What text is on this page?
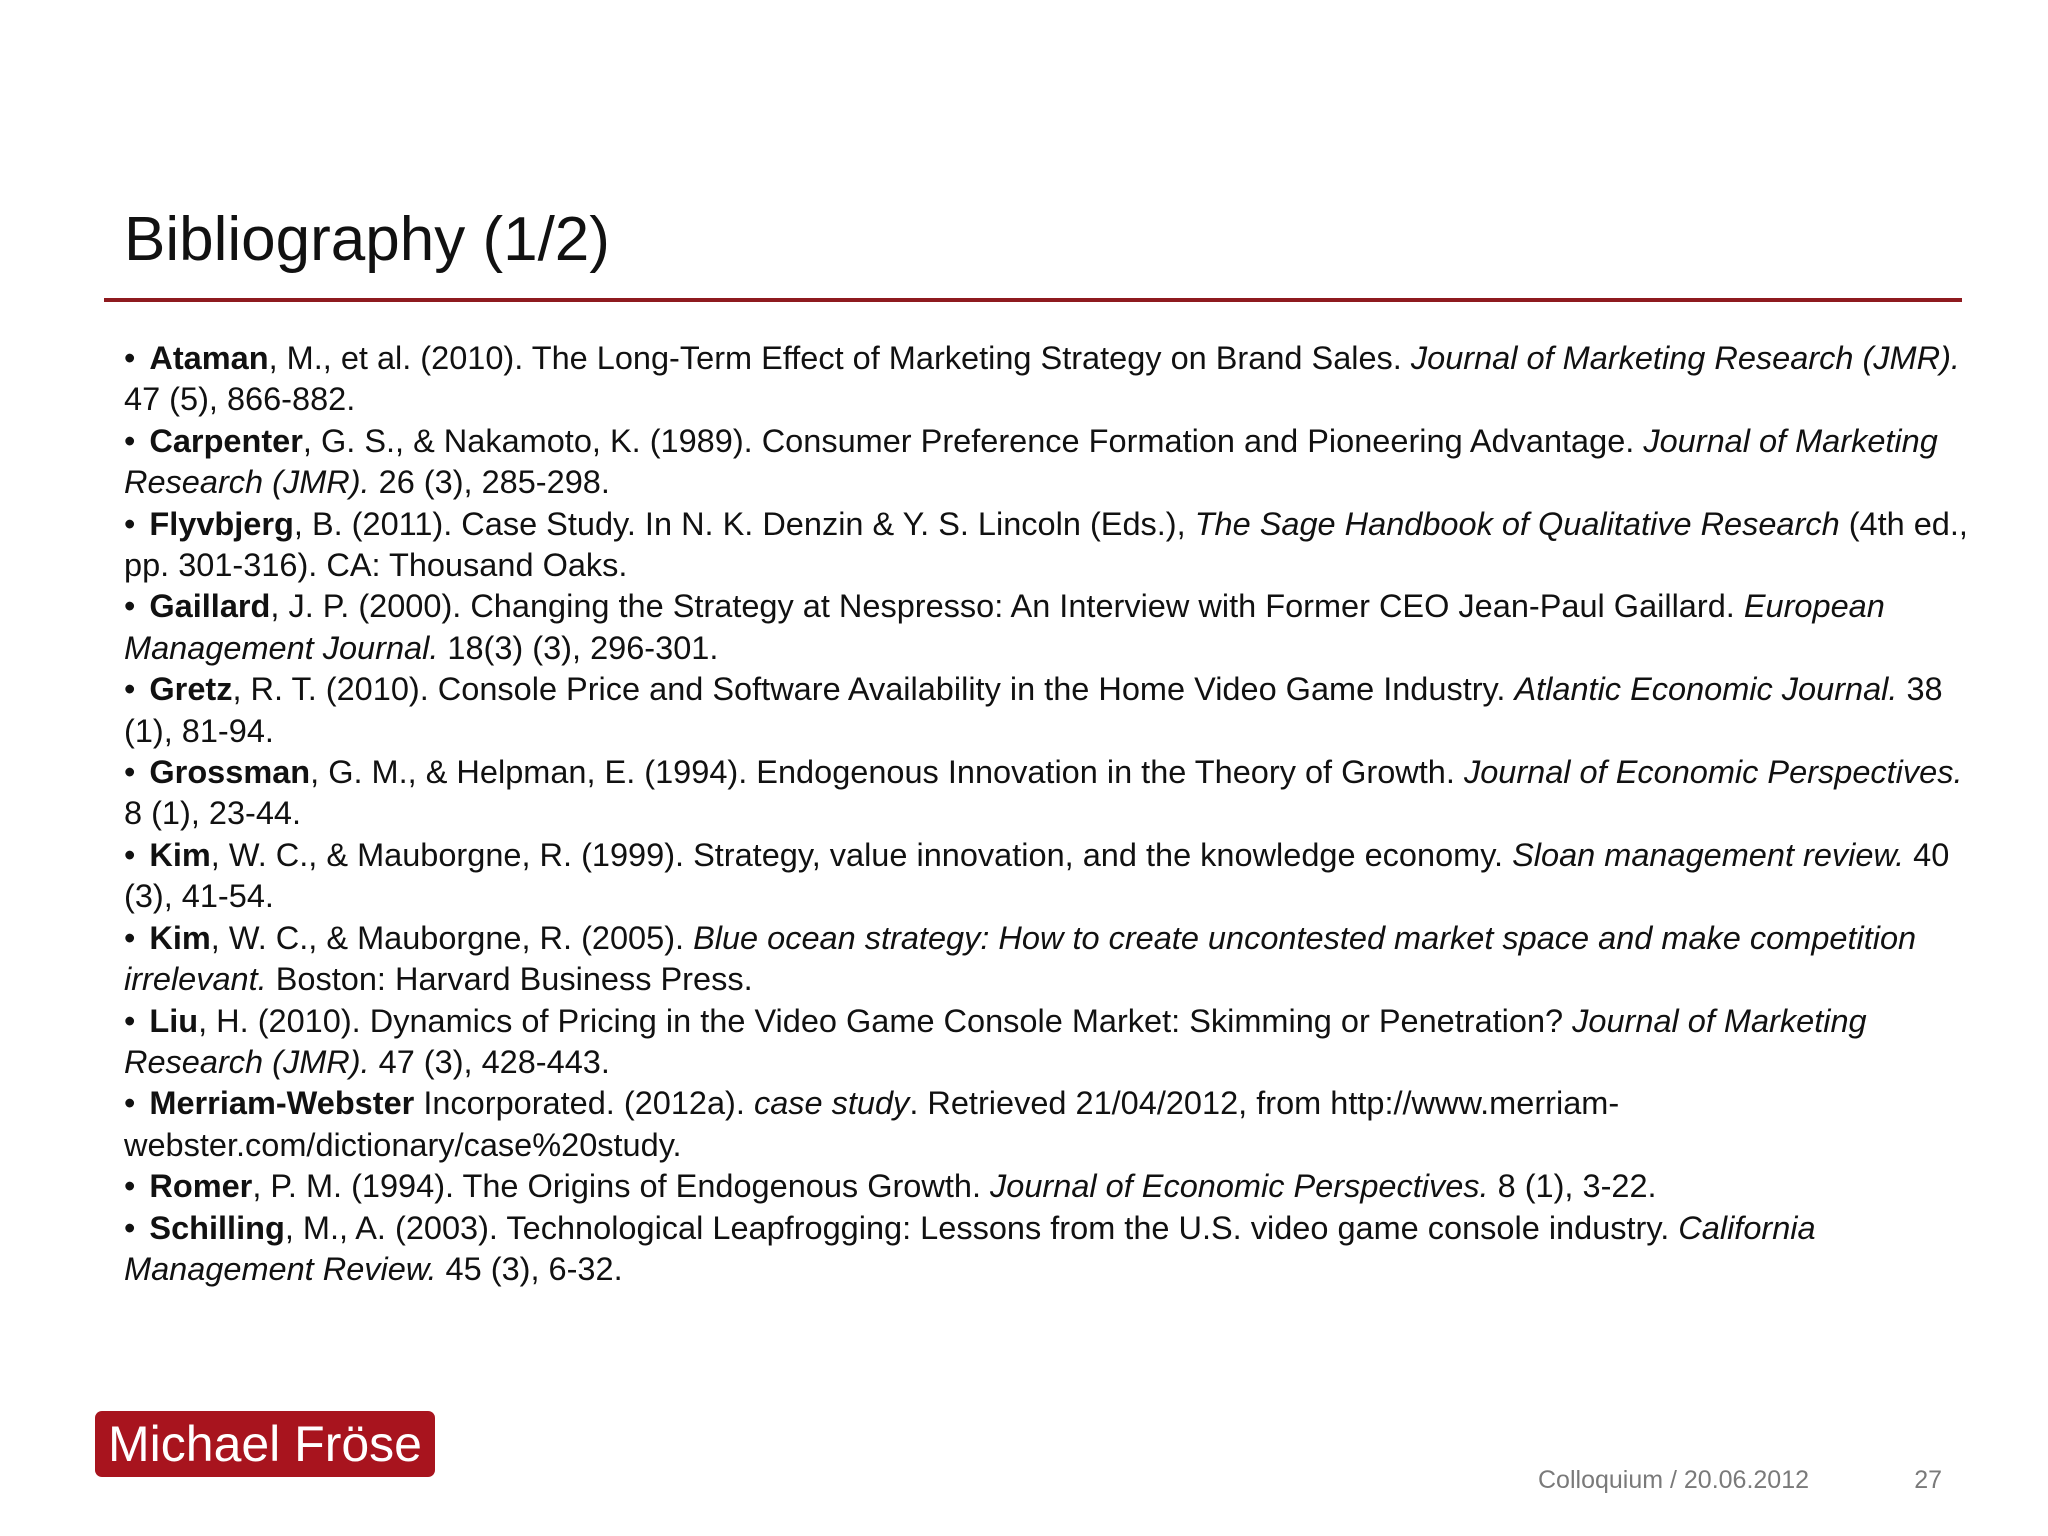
Bibliography (1/2)
• Ataman, M., et al. (2010). The Long-Term Effect of Marketing Strategy on Brand Sales. Journal of Marketing Research (JMR). 47 (5), 866-882.
• Carpenter, G. S., & Nakamoto, K. (1989). Consumer Preference Formation and Pioneering Advantage. Journal of Marketing Research (JMR). 26 (3), 285-298.
• Flyvbjerg, B. (2011). Case Study. In N. K. Denzin & Y. S. Lincoln (Eds.), The Sage Handbook of Qualitative Research (4th ed., pp. 301-316). CA: Thousand Oaks.
• Gaillard, J. P. (2000). Changing the Strategy at Nespresso: An Interview with Former CEO Jean-Paul Gaillard. European Management Journal. 18(3) (3), 296-301.
• Gretz, R. T. (2010). Console Price and Software Availability in the Home Video Game Industry. Atlantic Economic Journal. 38 (1), 81-94.
• Grossman, G. M., & Helpman, E. (1994). Endogenous Innovation in the Theory of Growth. Journal of Economic Perspectives. 8 (1), 23-44.
• Kim, W. C., & Mauborgne, R. (1999). Strategy, value innovation, and the knowledge economy. Sloan management review. 40 (3), 41-54.
• Kim, W. C., & Mauborgne, R. (2005). Blue ocean strategy: How to create uncontested market space and make competition irrelevant. Boston: Harvard Business Press.
• Liu, H. (2010). Dynamics of Pricing in the Video Game Console Market: Skimming or Penetration? Journal of Marketing Research (JMR). 47 (3), 428-443.
• Merriam-Webster Incorporated. (2012a). case study. Retrieved 21/04/2012, from http://www.merriam-webster.com/dictionary/case%20study.
• Romer, P. M. (1994). The Origins of Endogenous Growth. Journal of Economic Perspectives. 8 (1), 3-22.
• Schilling, M., A. (2003). Technological Leapfrogging: Lessons from the U.S. video game console industry. California Management Review. 45 (3), 6-32.
Michael Fröse
Colloquium / 20.06.2012	27
